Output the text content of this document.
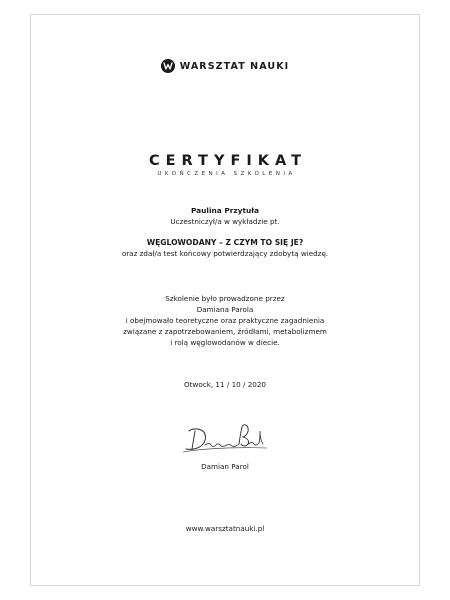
WARSZTAT NAUKI
CERTYFIKAT
UKOŃCZENIA SZKOLENIA
Paulina Przytuła
Uczestniczył/a w wykładzie pt.
WĘGLOWODANY – Z CZYM TO SIĘ JE?
oraz zdał/a test końcowy potwierdzający zdobytą wiedzę.
Szkolenie było prowadzone przez
Damiana Parola
i obejmowało teoretyczne oraz praktyczne zagadnienia
związane z zapotrzebowaniem, źródłami, metabolizmem
i rolą węglowodanów w diecie.
Otwock, 11 / 10 / 2020
Damian Parol
www.warsztatnauki.pl
